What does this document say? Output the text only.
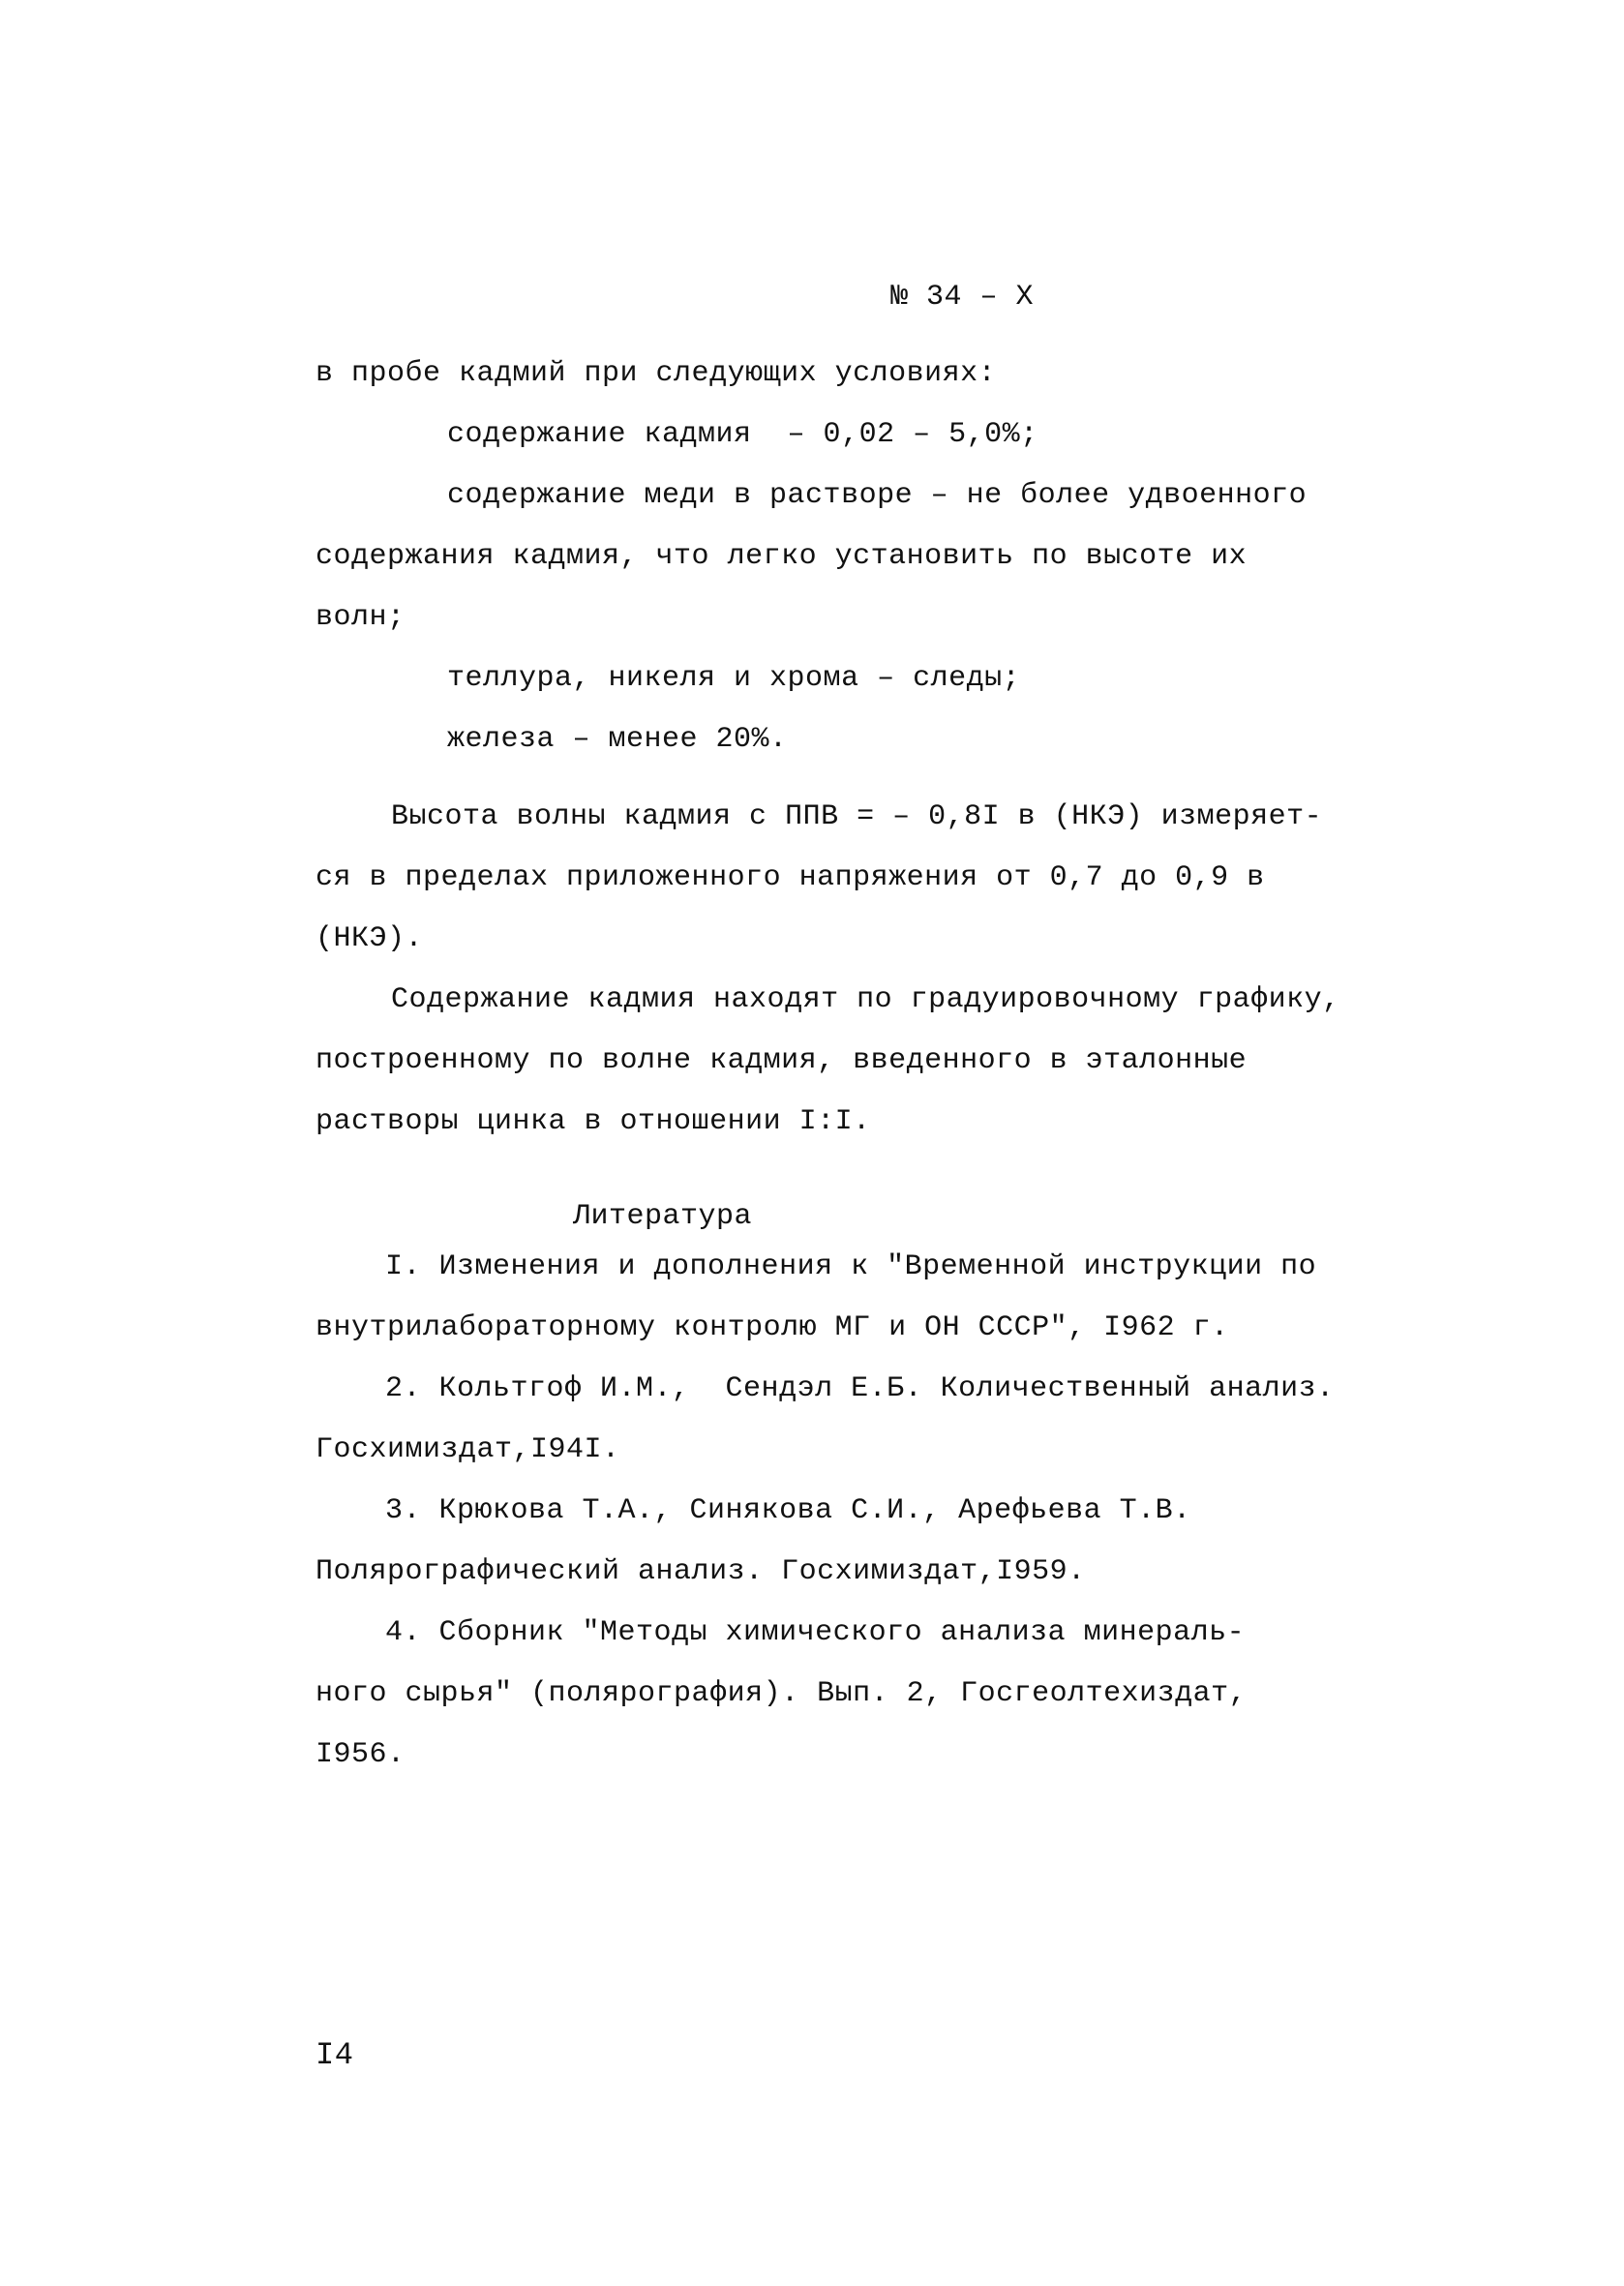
№ 34 – X
в пробе кадмий при следующих условиях:
содержание кадмия  – 0,02 – 5,0%;
содержание меди в растворе – не более удвоенного
содержания кадмия, что легко установить по высоте их
волн;
теллура, никеля и хрома – следы;
железа – менее 20%.
Высота волны кадмия с ППВ = – 0,8I в (НКЭ) измеряет-
ся в пределах приложенного напряжения от 0,7 до 0,9 в
(НКЭ).
Содержание кадмия находят по градуировочному графику,
построенному по волне кадмия, введенного в эталонные
растворы цинка в отношении I:I.
Литература
I. Изменения и дополнения к "Временной инструкции по
внутрилабораторному контролю МГ и ОН СССР", I962 г.
2. Кольтгоф И.М.,  Сендэл Е.Б. Количественный анализ.
Госхимиздат,I94I.
3. Крюкова Т.А., Синякова С.И., Арефьева Т.В.
Полярографический анализ. Госхимиздат,I959.
4. Сборник "Методы химического анализа минераль-
ного сырья" (полярография). Вып. 2, Госгеолтехиздат,
I956.
I4
